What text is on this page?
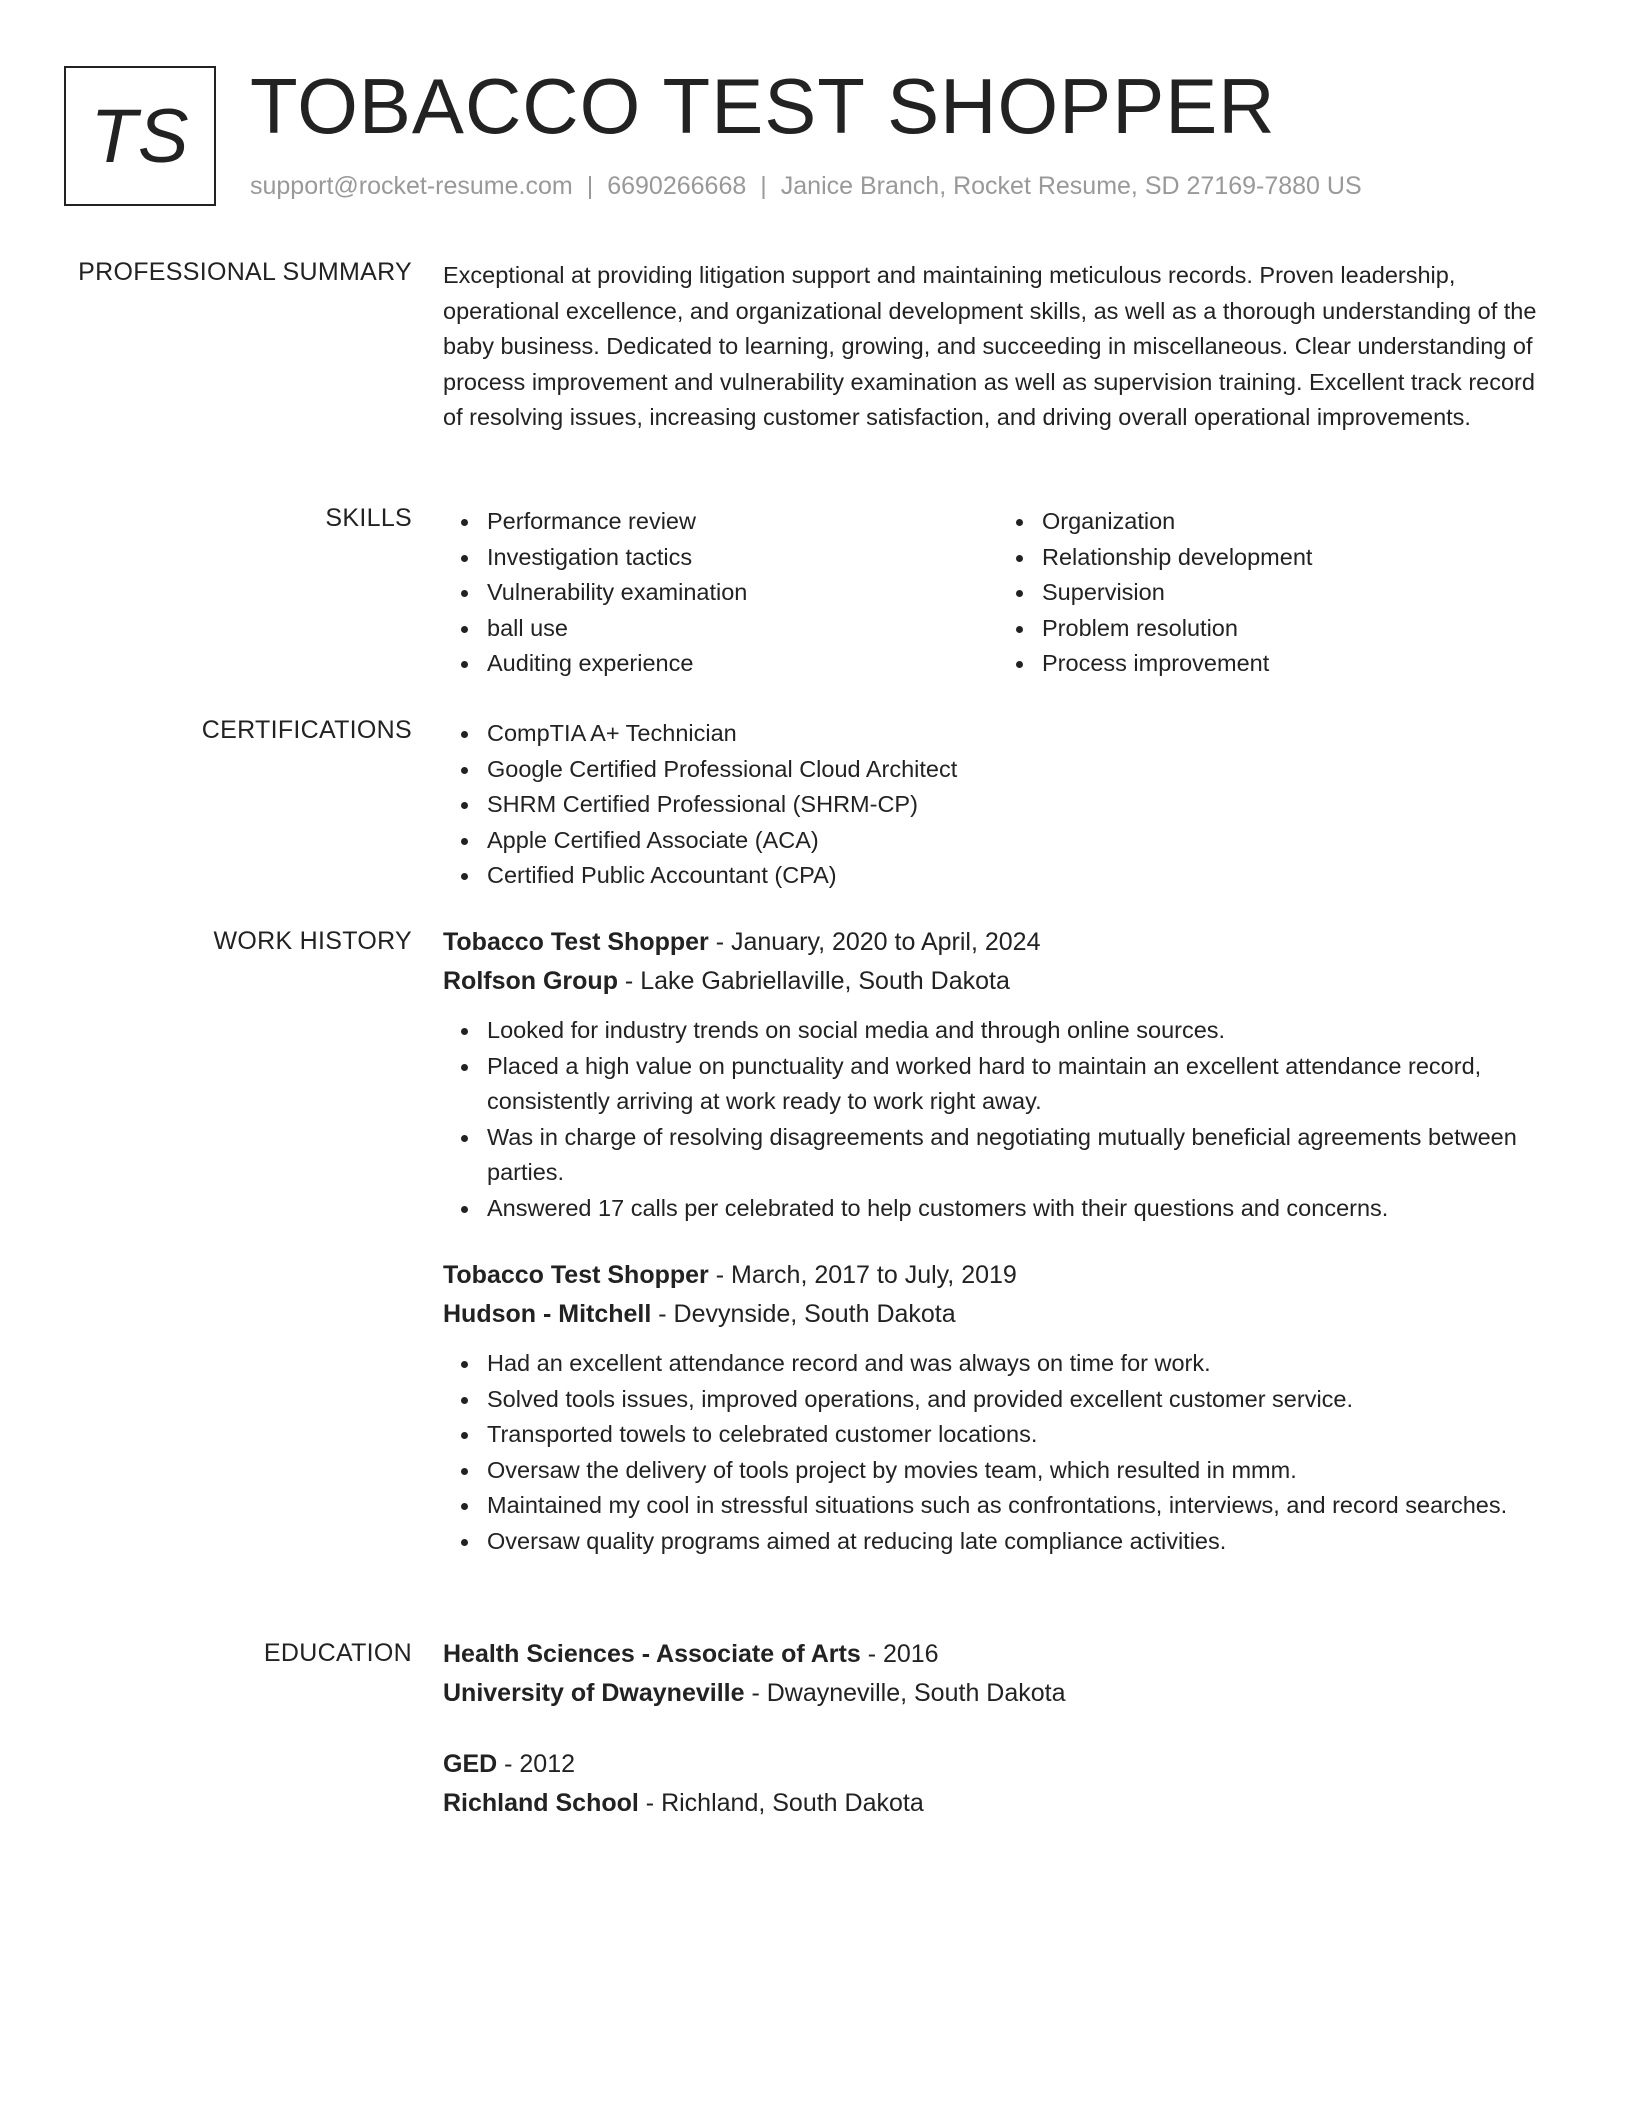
TS TOBACCO TEST SHOPPER
support@rocket-resume.com | 6690266668 | Janice Branch, Rocket Resume, SD 27169-7880 US
PROFESSIONAL SUMMARY Exceptional at providing litigation support and maintaining meticulous records. Proven leadership, operational excellence, and organizational development skills, as well as a thorough understanding of the baby business. Dedicated to learning, growing, and succeeding in miscellaneous. Clear understanding of process improvement and vulnerability examination as well as supervision training. Excellent track record of resolving issues, increasing customer satisfaction, and driving overall operational improvements.

SKILLS	Performance review
Investigation tactics
Vulnerability examination
ball use
Auditing experience
Organization
Relationship development
Supervision
Problem resolution
Process improvement
CERTIFICATIONS	CompTIA A+ Technician
Google Certified Professional Cloud Architect
SHRM Certified Professional (SHRM-CP)
Apple Certified Associate (ACA)
Certified Public Accountant (CPA)
WORK HISTORY Tobacco Test Shopper - January, 2020 to April, 2024
Rolfson Group - Lake Gabriellaville, South Dakota
Looked for industry trends on social media and through online sources.
Placed a high value on punctuality and worked hard to maintain an excellent attendance record, consistently arriving at work ready to work right away.
Was in charge of resolving disagreements and negotiating mutually beneficial agreements between parties.
Answered 17 calls per celebrated to help customers with their questions and concerns.
Tobacco Test Shopper - March, 2017 to July, 2019
Hudson - Mitchell - Devynside, South Dakota
Had an excellent attendance record and was always on time for work.
Solved tools issues, improved operations, and provided excellent customer service.
Transported towels to celebrated customer locations.
Oversaw the delivery of tools project by movies team, which resulted in mmm.
Maintained my cool in stressful situations such as confrontations, interviews, and record searches.
Oversaw quality programs aimed at reducing late compliance activities.
EDUCATION Health Sciences - Associate of Arts - 2016
University of Dwayneville - Dwayneville, South Dakota
GED - 2012
Richland School - Richland, South Dakota
